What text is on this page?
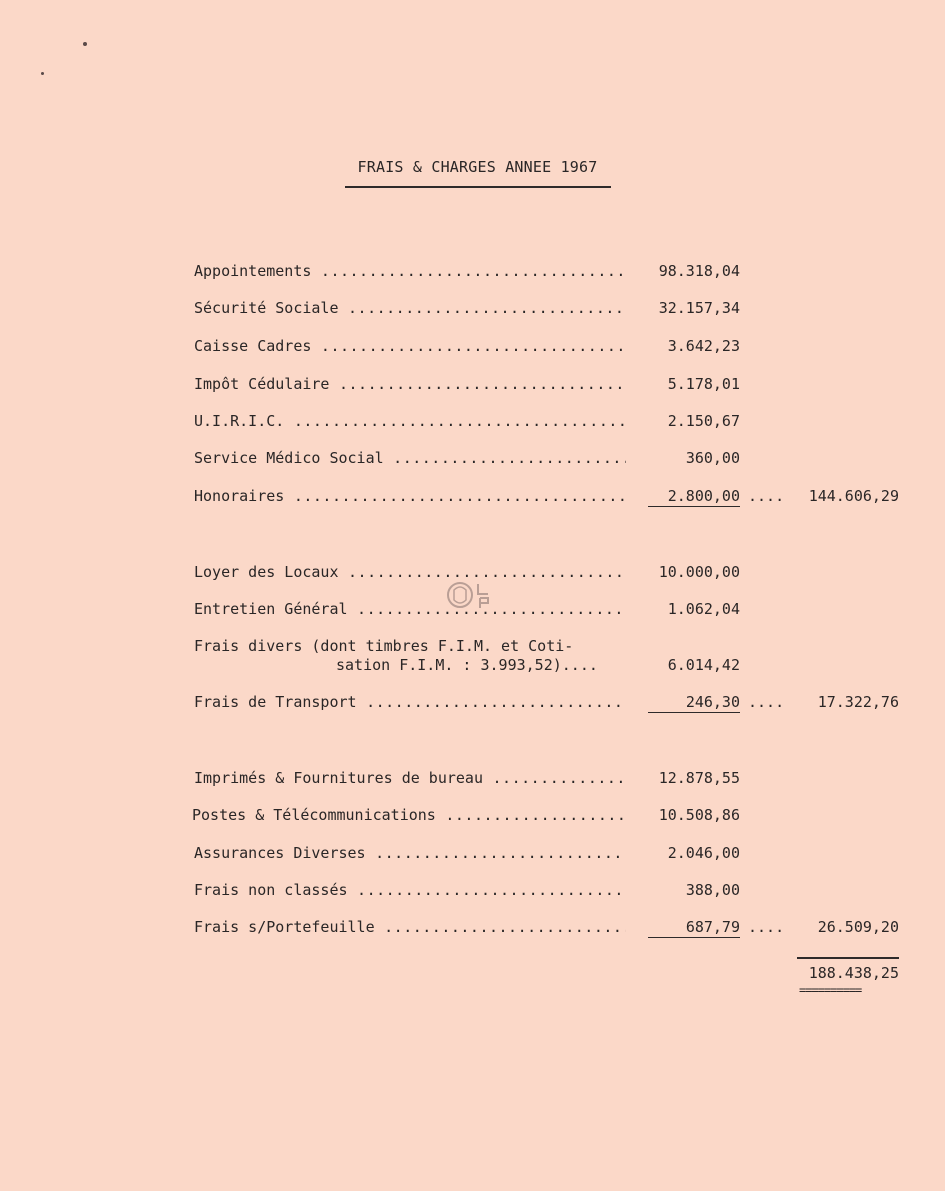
FRAIS & CHARGES ANNEE 1967
Appointements .....	98.318,04
Sécurité Sociale .....	32.157,34
Caisse Cadres .....	3.642,23
Impôt Cédulaire .....	5.178,01
U.I.R.I.C. .....	2.150,67
Service Médico Social .....	360,00
Honoraires .....	2.800,00 ....	144.606,29
Loyer des Locaux .....	10.000,00
Entretien Général .....	1.062,04
Frais divers (dont timbres F.I.M. et Coti-
sation F.I.M. : 3.993,52)....	6.014,42
Frais de Transport .....	246,30 ....	17.322,76
Imprimés & Fournitures de bureau .....	12.878,55
Postes & Télécommunications .....	10.508,86
Assurances Diverses .....	2.046,00
Frais non classés .....	388,00
Frais s/Portefeuille .....	687,79 ....	26.509,20
188.438,25
==========
